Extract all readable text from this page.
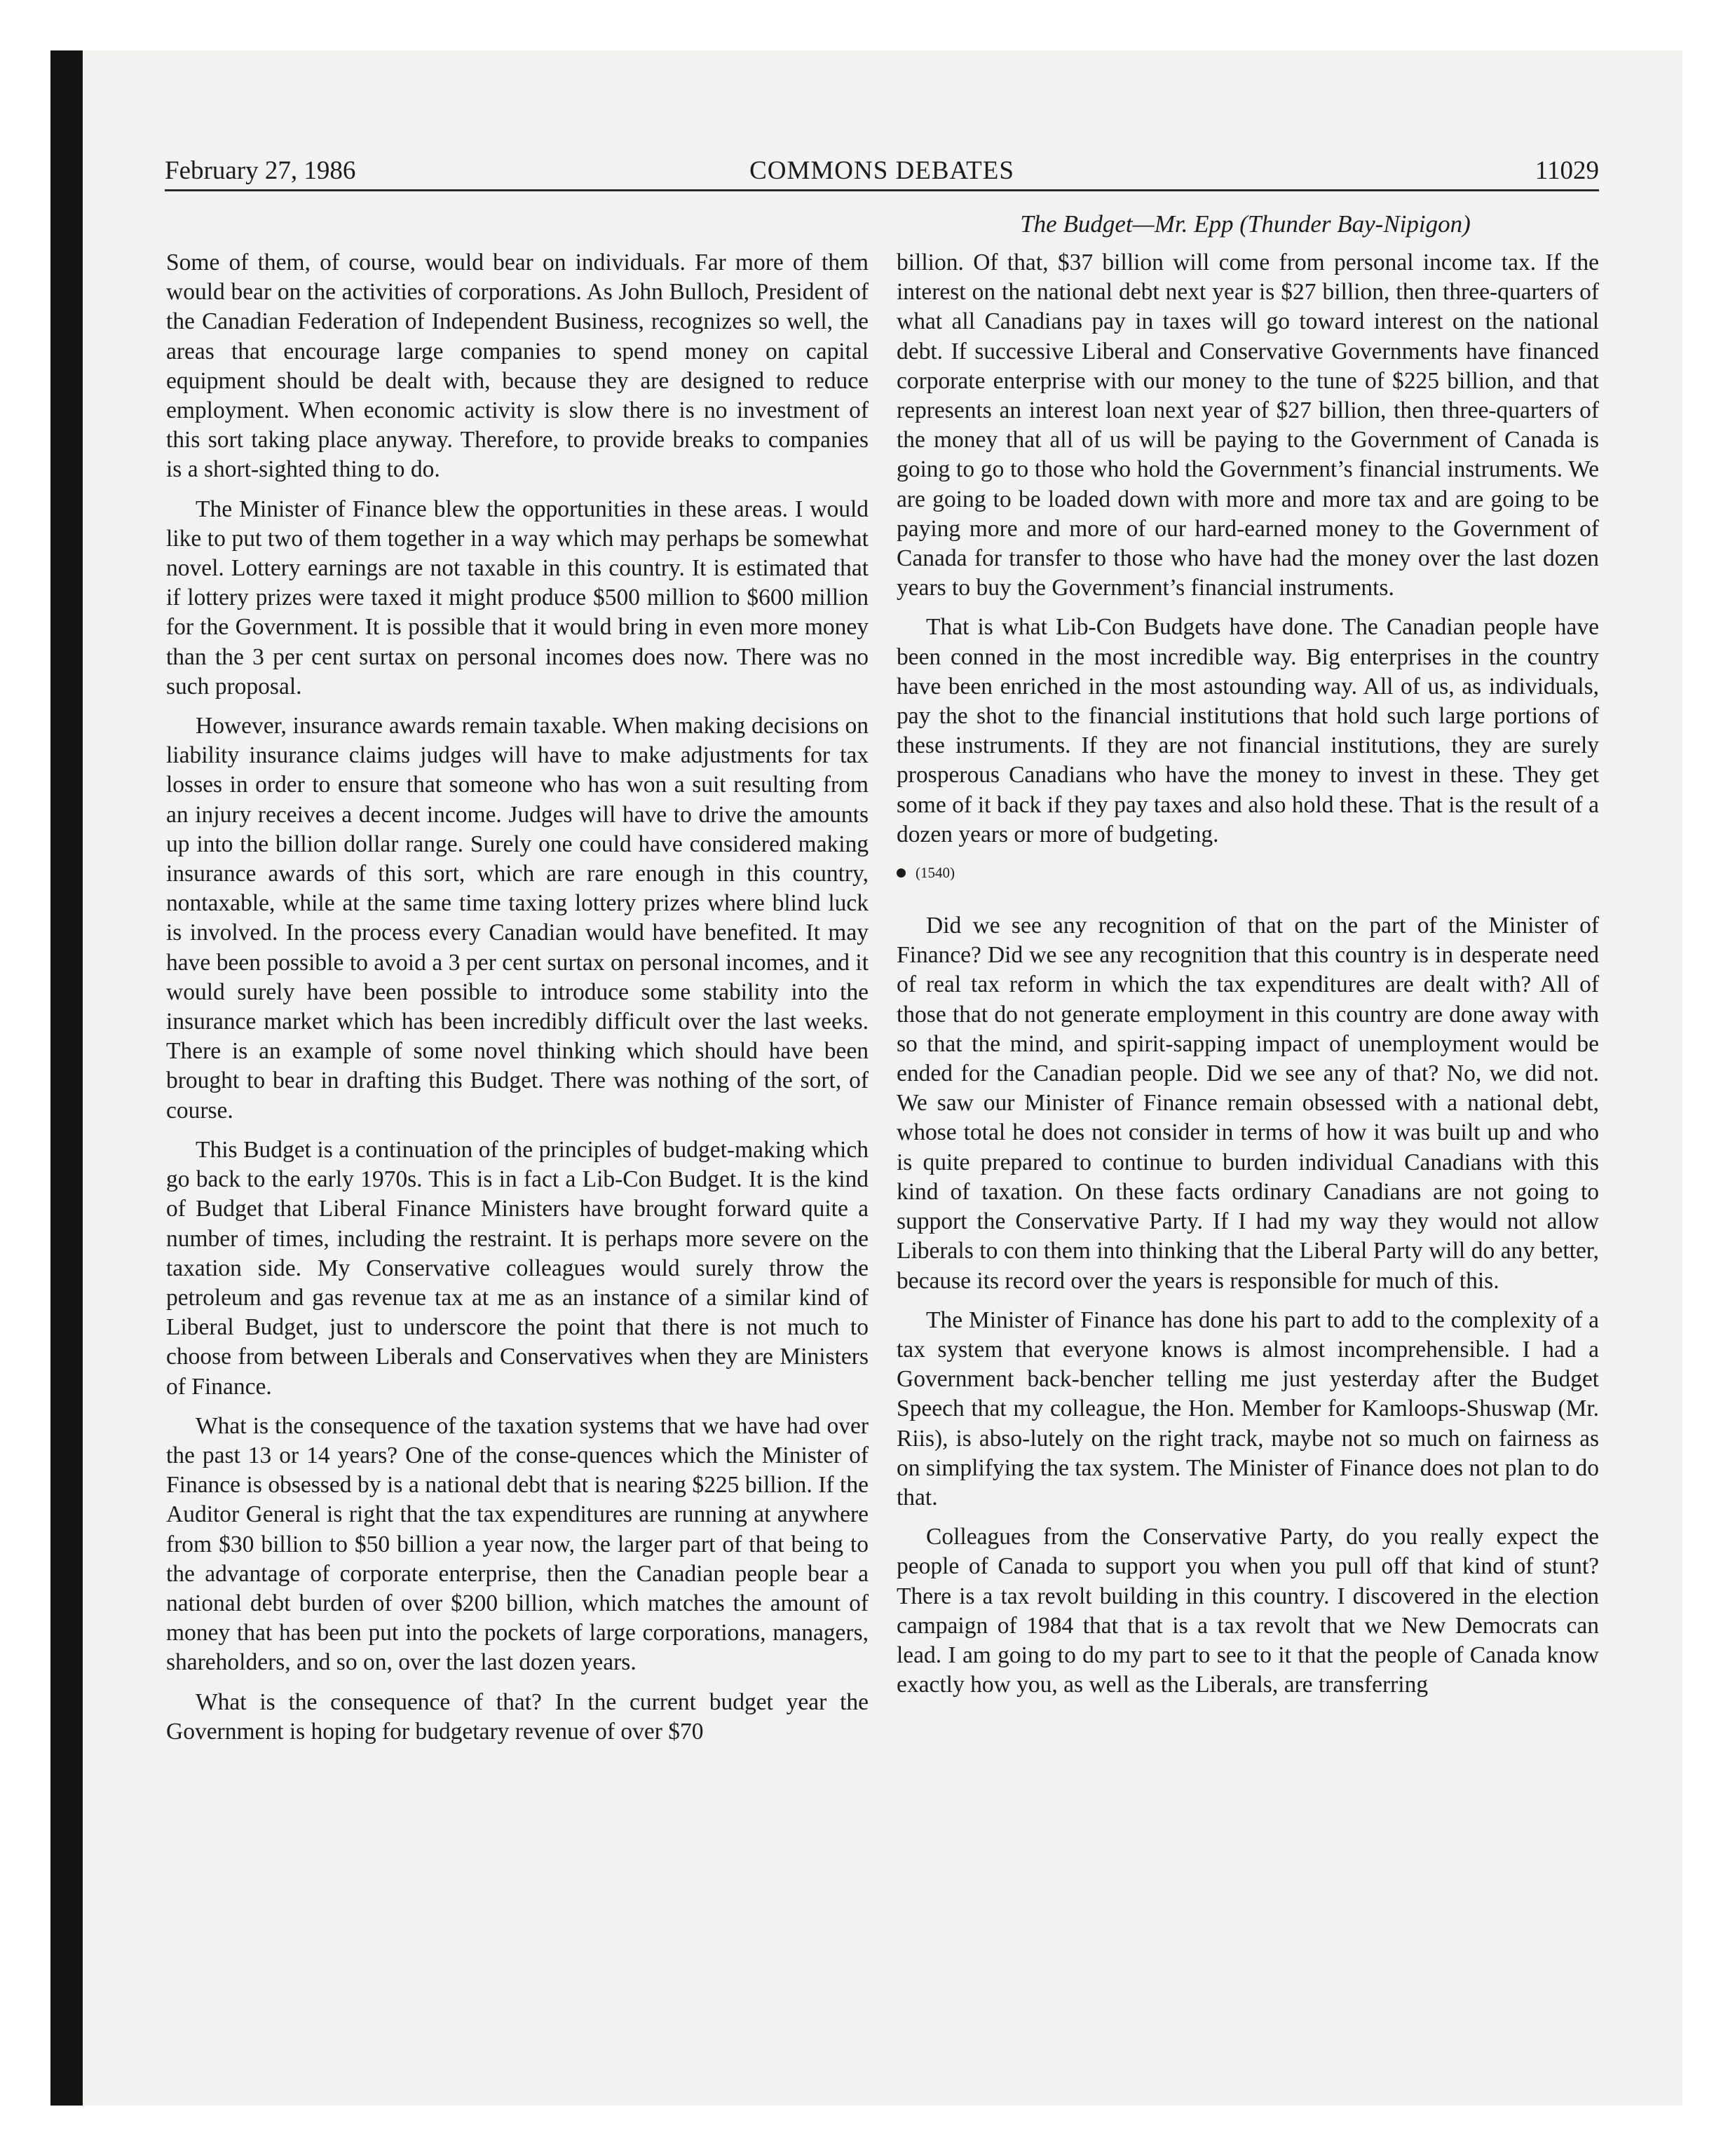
February 27, 1986	COMMONS DEBATES	11029
The Budget—Mr. Epp (Thunder Bay-Nipigon)

Some of them, of course, would bear on individuals. Far more of them would bear on the activities of corporations. As John Bulloch, President of the Canadian Federation of Independent Business, recognizes so well, the areas that encourage large companies to spend money on capital equipment should be dealt with, because they are designed to reduce employment. When economic activity is slow there is no investment of this sort taking place anyway. Therefore, to provide breaks to companies is a short-sighted thing to do.

The Minister of Finance blew the opportunities in these areas. I would like to put two of them together in a way which may perhaps be somewhat novel. Lottery earnings are not taxable in this country. It is estimated that if lottery prizes were taxed it might produce $500 million to $600 million for the Government. It is possible that it would bring in even more money than the 3 per cent surtax on personal incomes does now. There was no such proposal.

However, insurance awards remain taxable. When making decisions on liability insurance claims judges will have to make adjustments for tax losses in order to ensure that someone who has won a suit resulting from an injury receives a decent income. Judges will have to drive the amounts up into the billion dollar range. Surely one could have considered making insurance awards of this sort, which are rare enough in this country, nontaxable, while at the same time taxing lottery prizes where blind luck is involved. In the process every Canadian would have benefited. It may have been possible to avoid a 3 per cent surtax on personal incomes, and it would surely have been possible to introduce some stability into the insurance market which has been incredibly difficult over the last weeks. There is an example of some novel thinking which should have been brought to bear in drafting this Budget. There was nothing of the sort, of course.

This Budget is a continuation of the principles of budget-making which go back to the early 1970s. This is in fact a Lib-Con Budget. It is the kind of Budget that Liberal Finance Ministers have brought forward quite a number of times, including the restraint. It is perhaps more severe on the taxation side. My Conservative colleagues would surely throw the petroleum and gas revenue tax at me as an instance of a similar kind of Liberal Budget, just to underscore the point that there is not much to choose from between Liberals and Conservatives when they are Ministers of Finance.

What is the consequence of the taxation systems that we have had over the past 13 or 14 years? One of the conse-quences which the Minister of Finance is obsessed by is a national debt that is nearing $225 billion. If the Auditor General is right that the tax expenditures are running at anywhere from $30 billion to $50 billion a year now, the larger part of that being to the advantage of corporate enterprise, then the Canadian people bear a national debt burden of over $200 billion, which matches the amount of money that has been put into the pockets of large corporations, managers, shareholders, and so on, over the last dozen years.

What is the consequence of that? In the current budget year the Government is hoping for budgetary revenue of over $70

billion. Of that, $37 billion will come from personal income tax. If the interest on the national debt next year is $27 billion, then three-quarters of what all Canadians pay in taxes will go toward interest on the national debt. If successive Liberal and Conservative Governments have financed corporate enterprise with our money to the tune of $225 billion, and that represents an interest loan next year of $27 billion, then three-quarters of the money that all of us will be paying to the Government of Canada is going to go to those who hold the Government’s financial instruments. We are going to be loaded down with more and more tax and are going to be paying more and more of our hard-earned money to the Government of Canada for transfer to those who have had the money over the last dozen years to buy the Government’s financial instruments.

That is what Lib-Con Budgets have done. The Canadian people have been conned in the most incredible way. Big enterprises in the country have been enriched in the most astounding way. All of us, as individuals, pay the shot to the financial institutions that hold such large portions of these instruments. If they are not financial institutions, they are surely prosperous Canadians who have the money to invest in these. They get some of it back if they pay taxes and also hold these. That is the result of a dozen years or more of budgeting.

(1540)

Did we see any recognition of that on the part of the Minister of Finance? Did we see any recognition that this country is in desperate need of real tax reform in which the tax expenditures are dealt with? All of those that do not generate employment in this country are done away with so that the mind, and spirit-sapping impact of unemployment would be ended for the Canadian people. Did we see any of that? No, we did not. We saw our Minister of Finance remain obsessed with a national debt, whose total he does not consider in terms of how it was built up and who is quite prepared to continue to burden individual Canadians with this kind of taxation. On these facts ordinary Canadians are not going to support the Conservative Party. If I had my way they would not allow Liberals to con them into thinking that the Liberal Party will do any better, because its record over the years is responsible for much of this.

The Minister of Finance has done his part to add to the complexity of a tax system that everyone knows is almost incomprehensible. I had a Government back-bencher telling me just yesterday after the Budget Speech that my colleague, the Hon. Member for Kamloops-Shuswap (Mr. Riis), is abso-lutely on the right track, maybe not so much on fairness as on simplifying the tax system. The Minister of Finance does not plan to do that.

Colleagues from the Conservative Party, do you really expect the people of Canada to support you when you pull off that kind of stunt? There is a tax revolt building in this country. I discovered in the election campaign of 1984 that that is a tax revolt that we New Democrats can lead. I am going to do my part to see to it that the people of Canada know exactly how you, as well as the Liberals, are transferring
